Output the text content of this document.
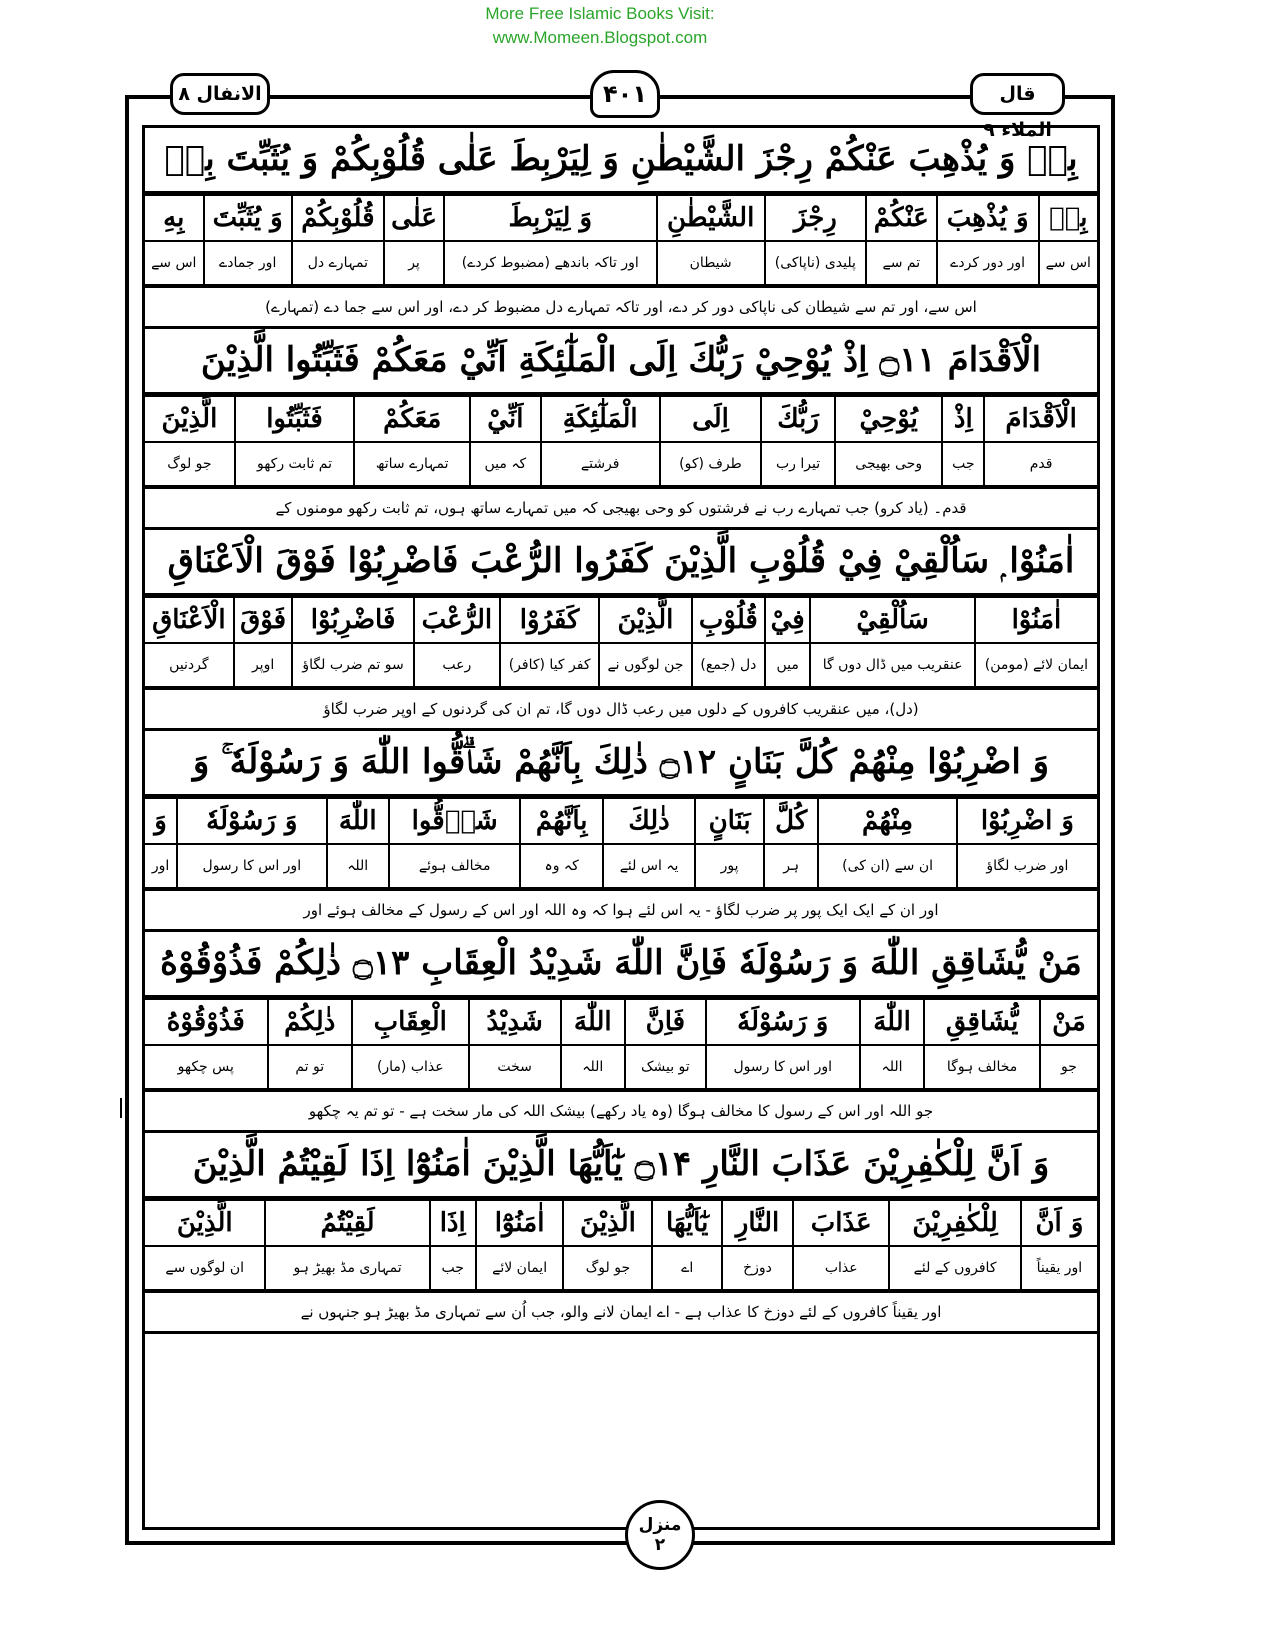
More Free Islamic Books Visit:
www.Momeen.Blogspot.com
الانفال ۸	۴۰۱	قال الملاء ۹
بِهٖ وَ يُذْهِبَ عَنْكُمْ رِجْزَ الشَّيْطٰنِ وَ لِيَرْبِطَ عَلٰى قُلُوْبِكُمْ وَ يُثَبِّتَ بِهٖ
بِهٖ	وَ يُذْهِبَ	عَنْكُمْ	رِجْزَ	الشَّيْطٰنِ	وَ لِيَرْبِطَ	عَلٰى	قُلُوْبِكُمْ	وَ يُثَبِّتَ	بِهِ
اس سے	اور دور کردے	تم سے	پلیدی (ناپاکی)	شیطان	اور تاکہ باندھے (مضبوط کردے)	پر	تمہارے دل	اور جمادے	اس سے
اس سے، اور تم سے شیطان کی ناپاکی دور کر دے، اور تاکہ تمہارے دل مضبوط کر دے، اور اس سے جما دے (تمہارے)
الْاَقْدَامَ ۝۱۱ اِذْ يُوْحِيْ رَبُّكَ اِلَى الْمَلٰٓئِكَةِ اَنِّيْ مَعَكُمْ فَثَبِّتُوا الَّذِيْنَ
الْاَقْدَامَ	اِذْ	يُوْحِيْ	رَبُّكَ	اِلَى	الْمَلٰٓئِكَةِ	اَنِّيْ	مَعَكُمْ	فَثَبِّتُوا	الَّذِيْنَ
قدم	جب	وحی بھیجی	تیرا رب	طرف (کو)	فرشتے	کہ میں	تمہارے ساتھ	تم ثابت رکھو	جو لوگ
قدم۔ (یاد کرو) جب تمہارے رب نے فرشتوں کو وحی بھیجی کہ میں تمہارے ساتھ ہوں، تم ثابت رکھو مومنوں کے
اٰمَنُوْا ۭ سَاُلْقِيْ فِيْ قُلُوْبِ الَّذِيْنَ كَفَرُوا الرُّعْبَ فَاضْرِبُوْا فَوْقَ الْاَعْنَاقِ
اٰمَنُوْا	سَاُلْقِيْ	فِيْ	قُلُوْبِ	الَّذِيْنَ	كَفَرُوْا	الرُّعْبَ	فَاضْرِبُوْا	فَوْقَ	الْاَعْنَاقِ
ایمان لائے (مومن)	عنقریب میں ڈال دوں گا	میں	دل (جمع)	جن لوگوں نے	کفر کیا (کافر)	رعب	سو تم ضرب لگاؤ	اوپر	گردنیں
(دل)، میں عنقریب کافروں کے دلوں میں رعب ڈال دوں گا، تم ان کی گردنوں کے اوپر ضرب لگاؤ
وَ اضْرِبُوْا مِنْهُمْ كُلَّ بَنَانٍ ۝۱۲ ذٰلِكَ بِاَنَّهُمْ شَاۗقُّوا اللّٰهَ وَ رَسُوْلَهٗ ۚ وَ
وَ اضْرِبُوْا	مِنْهُمْ	كُلَّ	بَنَانٍ	ذٰلِكَ	بِاَنَّهُمْ	شَاۗقُّوا	اللّٰهَ	وَ رَسُوْلَهٗ	وَ
اور ضرب لگاؤ	ان سے (ان کی)	ہر	پور	یہ اس لئے	کہ وہ	مخالف ہوئے	اللہ	اور اس کا رسول	اور
اور ان کے ایک ایک پور پر ضرب لگاؤ - یہ اس لئے ہوا کہ وہ اللہ اور اس کے رسول کے مخالف ہوئے اور
مَنْ يُّشَاقِقِ اللّٰهَ وَ رَسُوْلَهٗ فَاِنَّ اللّٰهَ شَدِيْدُ الْعِقَابِ ۝۱۳ ذٰلِكُمْ فَذُوْقُوْهُ
مَنْ	يُّشَاقِقِ	اللّٰهَ	وَ رَسُوْلَهٗ	فَاِنَّ	اللّٰهَ	شَدِيْدُ	الْعِقَابِ	ذٰلِكُمْ	فَذُوْقُوْهُ
جو	مخالف ہوگا	اللہ	اور اس کا رسول	تو بیشک	اللہ	سخت	عذاب (مار)	تو تم	پس چکھو
جو اللہ اور اس کے رسول کا مخالف ہوگا (وہ یاد رکھے) بیشک اللہ کی مار سخت ہے - تو تم یہ چکھو
وَ اَنَّ لِلْكٰفِرِيْنَ عَذَابَ النَّارِ ۝۱۴ يٰٓاَيُّهَا الَّذِيْنَ اٰمَنُوْٓا اِذَا لَقِيْتُمُ الَّذِيْنَ
وَ اَنَّ	لِلْكٰفِرِيْنَ	عَذَابَ	النَّارِ	يٰٓاَيُّهَا	الَّذِيْنَ	اٰمَنُوْٓا	اِذَا	لَقِيْتُمُ	الَّذِيْنَ
اور یقیناً	کافروں کے لئے	عذاب	دوزخ	اے	جو لوگ	ایمان لائے	جب	تمہاری مڈ بھیڑ ہو	ان لوگوں سے
اور یقیناً کافروں کے لئے دوزخ کا عذاب ہے - اے ایمان لانے والو، جب اُن سے تمہاری مڈ بھیڑ ہو جنہوں نے
منزل
۲
